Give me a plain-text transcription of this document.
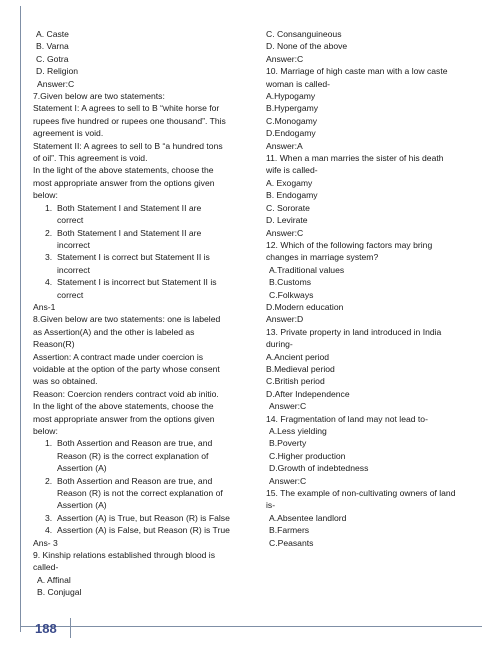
A. Caste
B. Varna
C. Gotra
D. Religion
Answer:C
7.Given below are two statements:
Statement I: A agrees to sell to B “white horse for
rupees five hundred or rupees one thousand”. This
agreement is void.
Statement II: A agrees to sell to B “a hundred tons
of oil”. This agreement is void.
In the light of the above statements, choose the
most appropriate answer from the options given
below:
1. Both Statement I and Statement II are
correct
2. Both Statement I and Statement II are
incorrect
3. Statement I is correct but Statement II is
incorrect
4. Statement I is incorrect but Statement II is
correct
Ans-1
8.Given below are two statements: one is labeled
as Assertion(A) and the other is labeled as
Reason(R)
Assertion: A contract made under coercion is
voidable at the option of the party whose consent
was so obtained.
Reason: Coercion renders contract void ab initio.
In the light of the above statements, choose the
most appropriate answer from the options given
below:
1. Both Assertion and Reason are true, and
Reason (R) is the correct explanation of
Assertion (A)
2. Both Assertion and Reason are true, and
Reason (R) is not the correct explanation of
Assertion (A)
3. Assertion (A) is True, but Reason (R) is False
4. Assertion (A) is False, but Reason (R) is True
Ans- 3
9. Kinship relations established through blood is
called-
A. Affinal
B. Conjugal
C. Consanguineous
D. None of the above
Answer:C
10. Marriage of high caste man with a low caste
woman is called-
A.Hypogamy
B.Hypergamy
C.Monogamy
D.Endogamy
Answer:A
11. When a man marries the sister of his death
wife is called-
A. Exogamy
B. Endogamy
C. Sororate
D. Levirate
Answer:C
12. Which of the following factors may bring
changes in marriage system?
A.Traditional values
B.Customs
C.Folkways
D.Modern education
Answer:D
13. Private property in land introduced in India
during-
A.Ancient period
B.Medieval period
C.British period
D.After Independence
Answer:C
14. Fragmentation of land may not lead to-
A.Less yielding
B.Poverty
C.Higher production
D.Growth of indebtedness
Answer:C
15. The example of non-cultivating owners of land
is-
A.Absentee landlord
B.Farmers
C.Peasants
188
